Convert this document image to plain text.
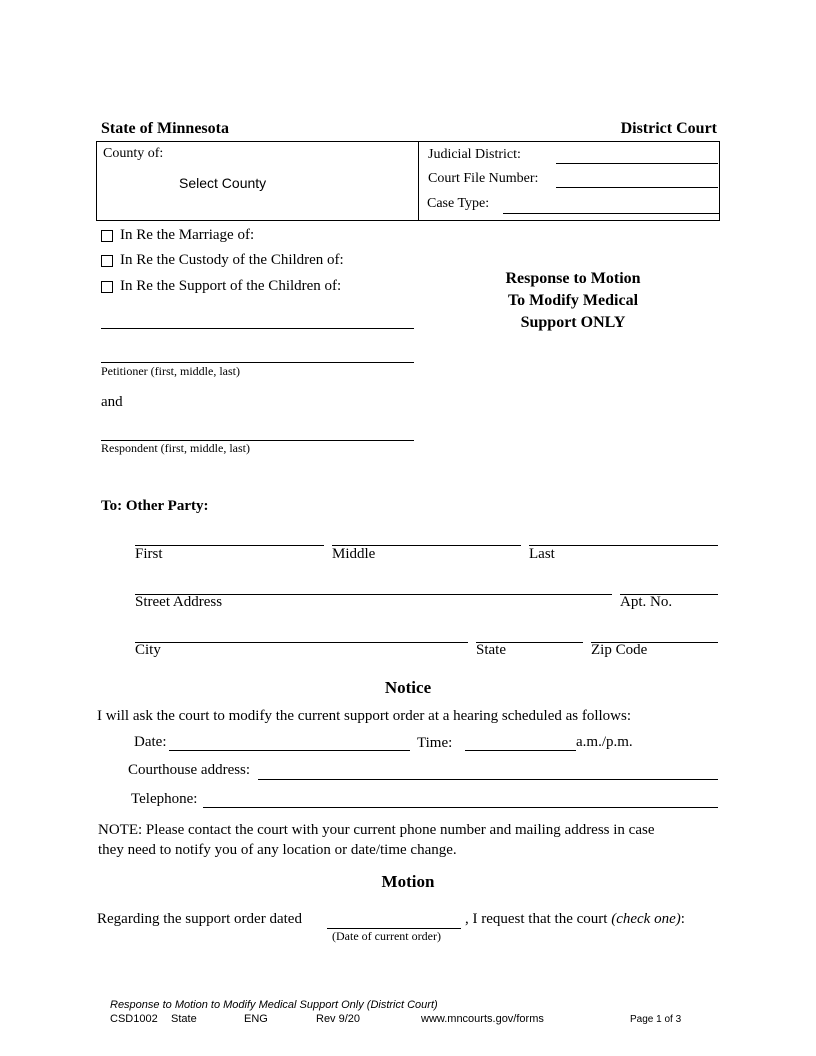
State of Minnesota	District Court
County of:
Select County
Judicial District:
Court File Number:
Case Type:
In Re the Marriage of:
In Re the Custody of the Children of:
In Re the Support of the Children of:	Response to Motion
To Modify Medical
Support ONLY
Petitioner (first, middle, last)
and
Respondent (first, middle, last)
To: Other Party:
First	Middle	Last
Street Address	Apt. No.
City	State	Zip Code
Notice
I will ask the court to modify the current support order at a hearing scheduled as follows:
Date:	Time:	a.m./p.m.
Courthouse address:
Telephone:
NOTE: Please contact the court with your current phone number and mailing address in case
they need to notify you of any location or date/time change.
Motion
Regarding the support order dated	, I request that the court (check one):
(Date of current order)
Response to Motion to Modify Medical Support Only (District Court)
CSD1002 State	ENG	Rev 9/20	www.mncourts.gov/forms	Page 1 of 3
